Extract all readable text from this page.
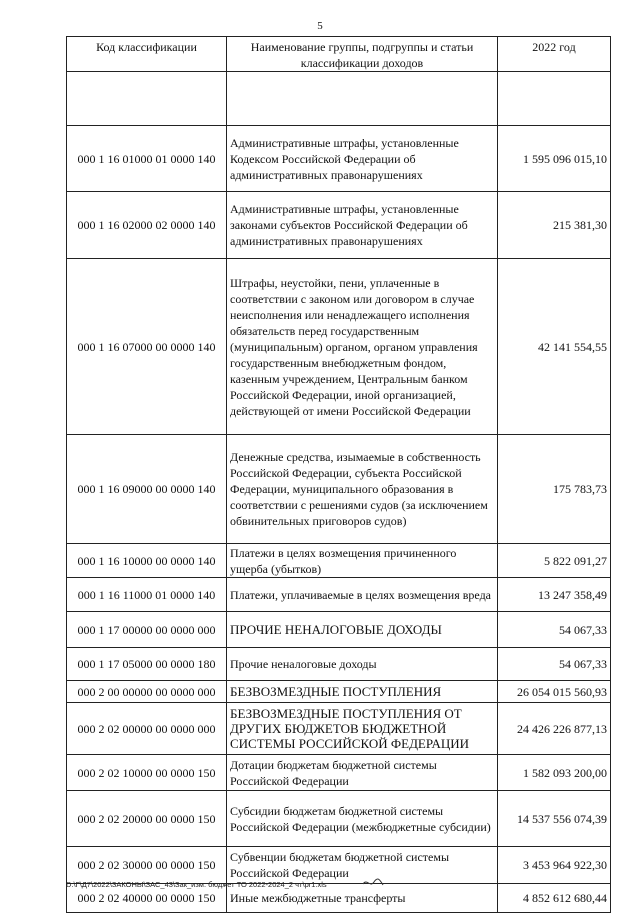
5
Код классификации	Наименование группы, подгруппы и статьи классификации доходов	2022 год

000 1 16 01000 01 0000 140	Административные штрафы, установленные Кодексом Российской Федерации об административных правонарушениях	1 595 096 015,10
000 1 16 02000 02 0000 140	Административные штрафы, установленные законами субъектов Российской Федерации об административных правонарушениях	215 381,30
000 1 16 07000 00 0000 140	Штрафы, неустойки, пени, уплаченные в соответствии с законом или договором в случае неисполнения или ненадлежащего исполнения обязательств перед государственным (муниципальным) органом, органом управления государственным внебюджетным фондом, казенным учреждением, Центральным банком Российской Федерации, иной организацией, действующей от имени Российской Федерации	42 141 554,55
000 1 16 09000 00 0000 140	Денежные средства, изымаемые в собственность Российской Федерации, субъекта Российской Федерации, муниципального образования в соответствии с решениями судов (за исключением обвинительных приговоров судов)	175 783,73
000 1 16 10000 00 0000 140	Платежи в целях возмещения причиненного ущерба (убытков)	5 822 091,27
000 1 16 11000 01 0000 140	Платежи, уплачиваемые в целях возмещения вреда	13 247 358,49
000 1 17 00000 00 0000 000	ПРОЧИЕ НЕНАЛОГОВЫЕ ДОХОДЫ	54 067,33
000 1 17 05000 00 0000 180	Прочие неналоговые доходы	54 067,33
000 2 00 00000 00 0000 000	БЕЗВОЗМЕЗДНЫЕ ПОСТУПЛЕНИЯ	26 054 015 560,93
000 2 02 00000 00 0000 000	БЕЗВОЗМЕЗДНЫЕ ПОСТУПЛЕНИЯ ОТ ДРУГИХ БЮДЖЕТОВ БЮДЖЕТНОЙ СИСТЕМЫ РОССИЙСКОЙ ФЕДЕРАЦИИ	24 426 226 877,13
000 2 02 10000 00 0000 150	Дотации бюджетам бюджетной системы Российской Федерации	1 582 093 200,00
000 2 02 20000 00 0000 150	Субсидии бюджетам бюджетной системы Российской Федерации (межбюджетные субсидии)	14 537 556 074,39
000 2 02 30000 00 0000 150	Субвенции бюджетам бюджетной системы Российской Федерации	3 453 964 922,30
000 2 02 40000 00 0000 150	Иные межбюджетные трансферты	4 852 612 680,44
D:\Г\Д7\2022\ЗАКОНЫ\ЗАС_43\Зак_изм. бюджет ТО 2022-2024_2 чт\pr1.xls
